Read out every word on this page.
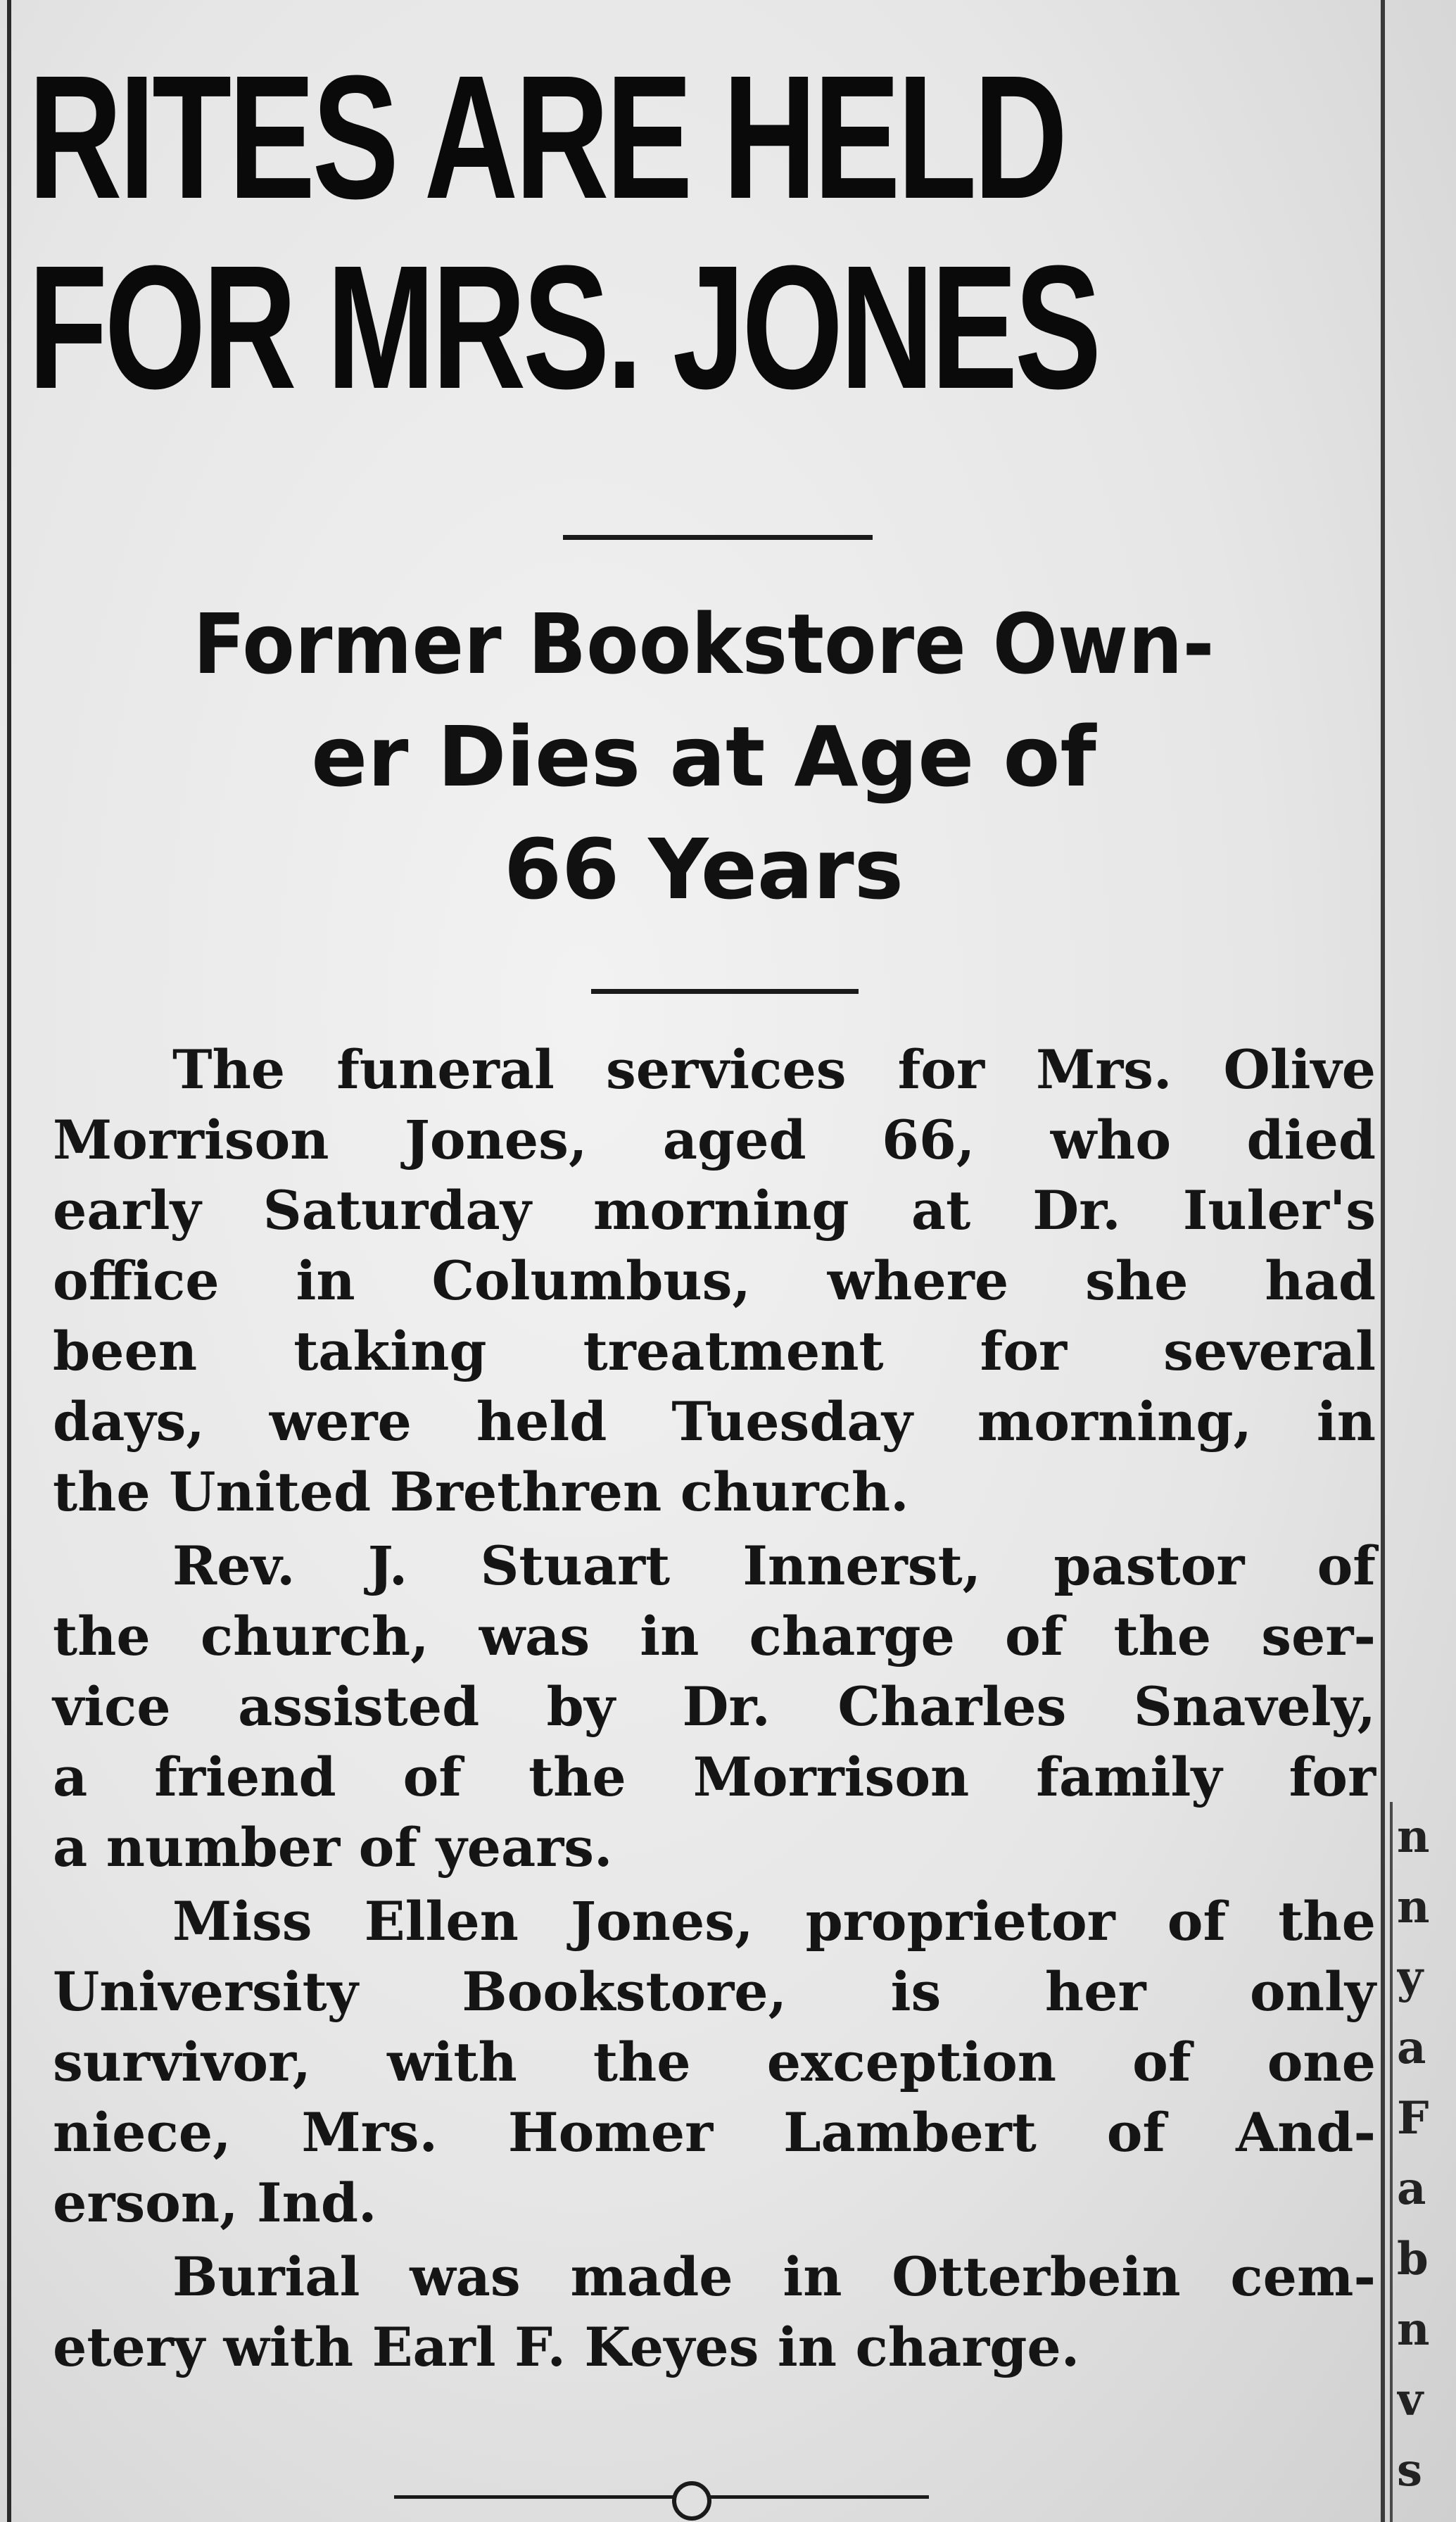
RITES ARE HELD
FOR MRS. JONES
Former Bookstore Own-
er Dies at Age of
66 Years

The funeral services for Mrs. Olive

Morrison Jones, aged 66, who died

early Saturday morning at Dr. Iuler's

office in Columbus, where she had

been taking treatment for several

days, were held Tuesday morning, in

the United Brethren church.

Rev. J. Stuart Innerst, pastor of

the church, was in charge of the ser-

vice assisted by Dr. Charles Snavely,

a friend of the Morrison family for

a number of years.

Miss Ellen Jones, proprietor of the

University Bookstore, is her only

survivor, with the exception of one

niece, Mrs. Homer Lambert of And-

erson, Ind.

Burial was made in Otterbein cem-

etery with Earl F. Keyes in charge.

n
n
y
a
F
a
b
n
v
s
